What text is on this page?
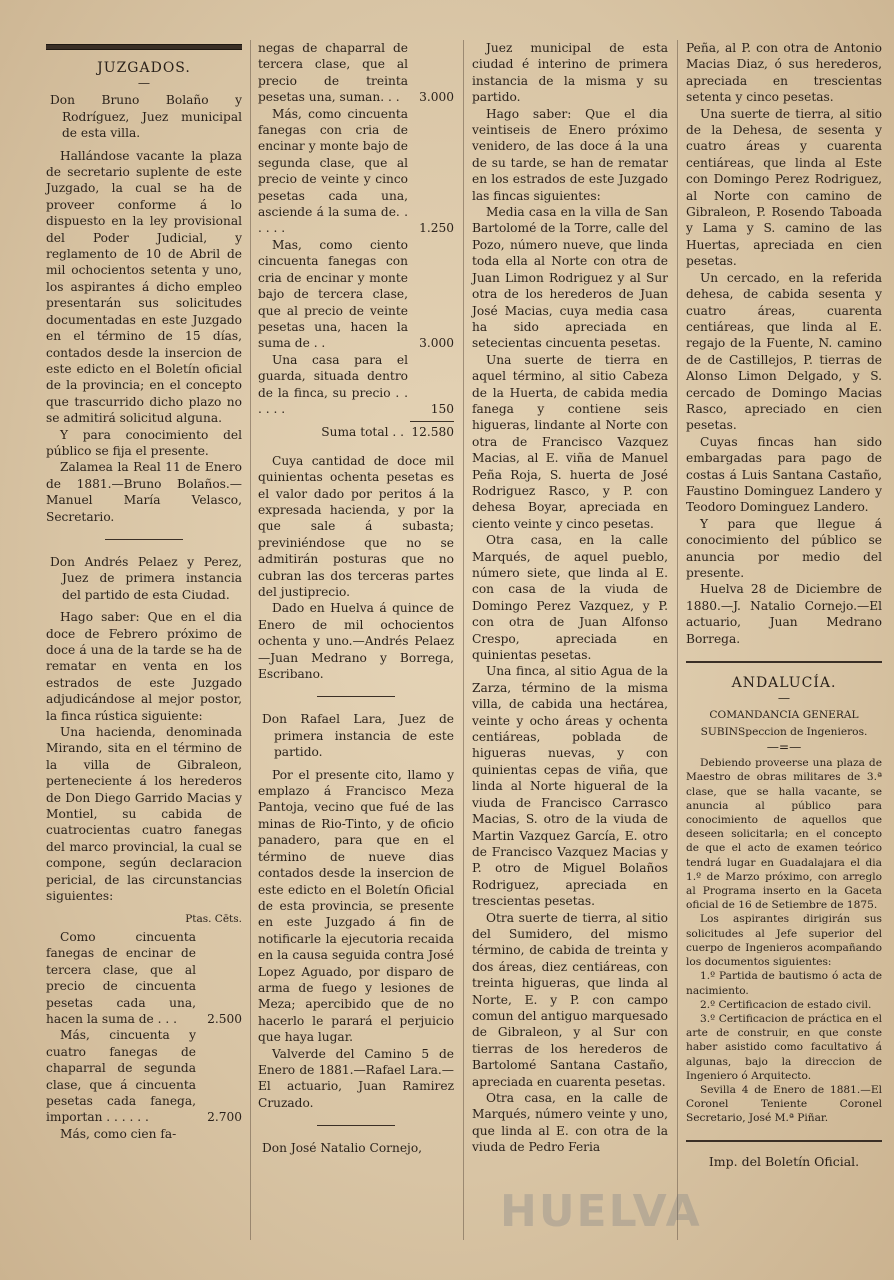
JUZGADOS.
—
Don Bruno Bolaño y Rodríguez, Juez municipal de esta villa.

Hallándose vacante la plaza de secretario suplente de este Juzgado, la cual se ha de proveer conforme á lo dispuesto en la ley provisional del Poder Judicial, y reglamento de 10 de Abril de mil ochocientos setenta y uno, los aspirantes á dicho empleo presentarán sus solicitudes documentadas en este Juzgado en el término de 15 días, contados desde la insercion de este edicto en el Boletín oficial de la provincia; en el concepto que trascurrido dicho plazo no se admitirá solicitud alguna.

Y para conocimiento del público se fija el presente.

Zalamea la Real 11 de Enero de 1881.—Bruno Bolaños.—Manuel María Velasco, Secretario.

Don Andrés Pelaez y Perez, Juez de primera instancia del partido de esta Ciudad.

Hago saber: Que en el dia doce de Febrero próximo de doce á una de la tarde se ha de rematar en venta en los estrados de este Juzgado adjudicándose al mejor postor, la finca rústica siguiente:

Una hacienda, denominada Mirando, sita en el término de la villa de Gibraleon, perteneciente á los herederos de Don Diego Garrido Macias y Montiel, su cabida de cuatrocientas cuatro fanegas del marco provincial, la cual se compone, según declaracion pericial, de las circunstancias siguientes:

Ptas. Cēts.

Como cincuenta fanegas de encinar de tercera clase, que al precio de cincuenta pesetas cada una, hacen la suma de . . .	2.500

Más, cincuenta y cuatro fanegas de chaparral de segunda clase, que á cincuenta pesetas cada fanega, importan . . . . . .	2.700

Más, como cien fa-

negas de chaparral de tercera clase, que al precio de treinta pesetas una, suman. . .	3.000

Más, como cincuenta fanegas con cria de encinar y monte bajo de segunda clase, que al precio de veinte y cinco pesetas cada una, asciende á la suma de. . . . . .	1.250

Mas, como ciento cincuenta fanegas con cria de encinar y monte bajo de tercera clase, que al precio de veinte pesetas una, hacen la suma de . .	3.000

Una casa para el guarda, situada dentro de la finca, su precio . . . . . .	150
Suma total . . 12.580

Cuya cantidad de doce mil quinientas ochenta pesetas es el valor dado por peritos á la expresada hacienda, y por la que sale á subasta; previniéndose que no se admitirán posturas que no cubran las dos terceras partes del justiprecio.

Dado en Huelva á quince de Enero de mil ochocientos ochenta y uno.—Andrés Pelaez —Juan Medrano y Borrega, Escribano.

Don Rafael Lara, Juez de primera instancia de este partido.

Por el presente cito, llamo y emplazo á Francisco Meza Pantoja, vecino que fué de las minas de Rio-Tinto, y de oficio panadero, para que en el término de nueve dias contados desde la insercion de este edicto en el Boletín Oficial de esta provincia, se presente en este Juzgado á fin de notificarle la ejecutoria recaida en la causa seguida contra José Lopez Aguado, por disparo de arma de fuego y lesiones de Meza; apercibido que de no hacerlo le parará el perjuicio que haya lugar.

Valverde del Camino 5 de Enero de 1881.—Rafael Lara.—El actuario, Juan Ramirez Cruzado.

Don José Natalio Cornejo,

Juez municipal de esta ciudad é interino de primera instancia de la misma y su partido.

Hago saber: Que el dia veintiseis de Enero próximo venidero, de las doce á la una de su tarde, se han de rematar en los estrados de este Juzgado las fincas siguientes:

Media casa en la villa de San Bartolomé de la Torre, calle del Pozo, número nueve, que linda toda ella al Norte con otra de Juan Limon Rodriguez y al Sur otra de los herederos de Juan José Macias, cuya media casa ha sido apreciada en setecientas cincuenta pesetas.

Una suerte de tierra en aquel término, al sitio Cabeza de la Huerta, de cabida media fanega y contiene seis higueras, lindante al Norte con otra de Francisco Vazquez Macias, al E. viña de Manuel Peña Roja, S. huerta de José Rodriguez Rasco, y P. con dehesa Boyar, apreciada en ciento veinte y cinco pesetas.

Otra casa, en la calle Marqués, de aquel pueblo, número siete, que linda al E. con casa de la viuda de Domingo Perez Vazquez, y P. con otra de Juan Alfonso Crespo, apreciada en quinientas pesetas.

Una finca, al sitio Agua de la Zarza, término de la misma villa, de cabida una hectárea, veinte y ocho áreas y ochenta centiáreas, poblada de higueras nuevas, y con quinientas cepas de viña, que linda al Norte higueral de la viuda de Francisco Carrasco Macias, S. otro de la viuda de Martin Vazquez García, E. otro de Francisco Vazquez Macias y P. otro de Miguel Bolaños Rodriguez, apreciada en trescientas pesetas.

Otra suerte de tierra, al sitio del Sumidero, del mismo término, de cabida de treinta y dos áreas, diez centiáreas, con treinta higueras, que linda al Norte, E. y P. con campo comun del antiguo marquesado de Gibraleon, y al Sur con tierras de los herederos de Bartolomé Santana Castaño, apreciada en cuarenta pesetas.

Otra casa, en la calle de Marqués, número veinte y uno, que linda al E. con otra de la viuda de Pedro Feria

Peña, al P. con otra de Antonio Macias Diaz, ó sus herederos, apreciada en trescientas setenta y cinco pesetas.

Una suerte de tierra, al sitio de la Dehesa, de sesenta y cuatro áreas y cuarenta centiáreas, que linda al Este con Domingo Perez Rodriguez, al Norte con camino de Gibraleon, P. Rosendo Taboada y Lama y S. camino de las Huertas, apreciada en cien pesetas.

Un cercado, en la referida dehesa, de cabida sesenta y cuatro áreas, cuarenta centiáreas, que linda al E. regajo de la Fuente, N. camino de de Castillejos, P. tierras de Alonso Limon Delgado, y S. cercado de Domingo Macias Rasco, apreciado en cien pesetas.

Cuyas fincas han sido embargadas para pago de costas á Luis Santana Castaño, Faustino Dominguez Landero y Teodoro Dominguez Landero.

Y para que llegue á conocimiento del público se anuncia por medio del presente.

Huelva 28 de Diciembre de 1880.—J. Natalio Cornejo.—El actuario, Juan Medrano Borrega.

ANDALUCÍA.
—
COMANDANCIA GENERAL SUBINSpeccion de Ingenieros.
—=—

Debiendo proveerse una plaza de Maestro de obras militares de 3.ª clase, que se halla vacante, se anuncia al público para conocimiento de aquellos que deseen solicitarla; en el concepto de que el acto de examen teórico tendrá lugar en Guadalajara el dia 1.º de Marzo próximo, con arreglo al Programa inserto en la Gaceta oficial de 16 de Setiembre de 1875.

Los aspirantes dirigirán sus solicitudes al Jefe superior del cuerpo de Ingenieros acompañando los documentos siguientes:

1.º Partida de bautismo ó acta de nacimiento.

2.º Certificacion de estado civil.

3.º Certificacion de práctica en el arte de construir, en que conste haber asistido como facultativo á algunas, bajo la direccion de Ingeniero ó Arquitecto.

Sevilla 4 de Enero de 1881.—El Coronel Teniente Coronel Secretario, José M.ª Piñar.

Imp. del Boletín Oficial.
HUELVA
